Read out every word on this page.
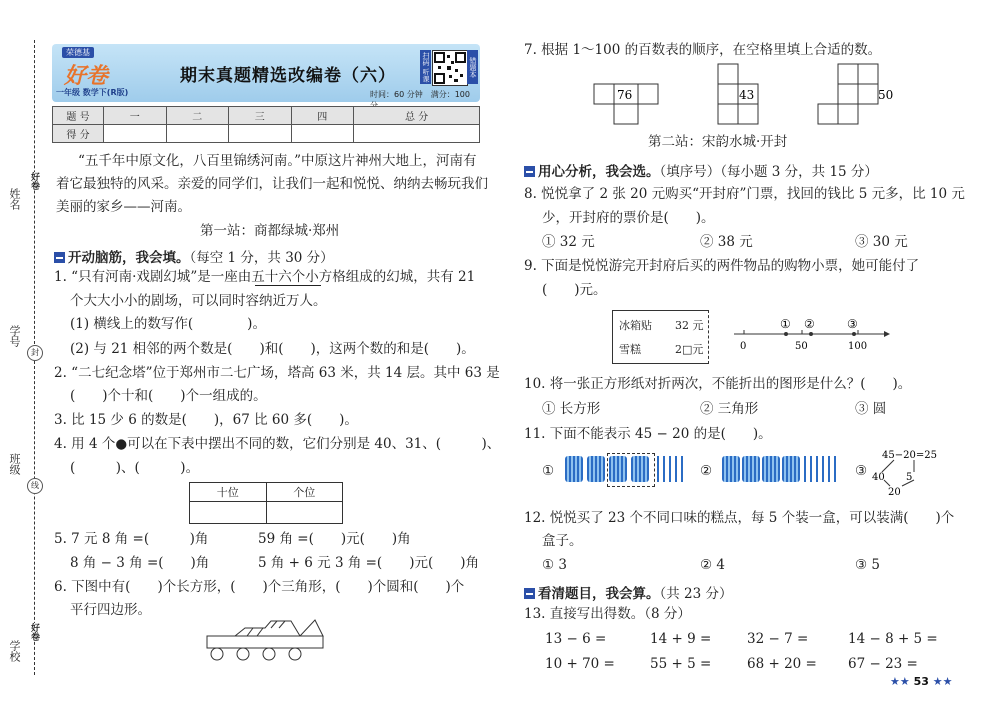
姓名
学号
班级
学校
封
线
好卷
好卷
荣德基
好卷
一年级 数学下(R版)
期末真题精选改编卷（六）	扫码 听课	错题本
时间：60 分钟　满分：100 分
题 号	一	二	三	四	总 分
得 分					
“五千年中原文化，八百里锦绣河南。”中原这片神州大地上，河南有
着它最独特的风采。亲爱的同学们，让我们一起和悦悦、纳纳去畅玩我们
美丽的家乡——河南。
第一站：商都绿城·郑州
开动脑筋，我会填。（每空 1 分，共 30 分）
1. “只有河南·戏剧幻城”是一座由五十六个小方格组成的幻城，共有 21
个大大小小的剧场，可以同时容纳近万人。
(1) 横线上的数写作(　　　　)。
(2) 与 21 相邻的两个数是(　　)和(　　)，这两个数的和是(　　)。
2. “二七纪念塔”位于郑州市二七广场，塔高 63 米，共 14 层。其中 63 是
(　　)个十和(　　)个一组成的。
3. 比 15 少 6 的数是(　　)，67 比 60 多(　　)。
4. 用 4 个●可以在下表中摆出不同的数，它们分别是 40、31、(　　　)、
(　　　)、(　　　)。
十位	个位

5. 7 元 8 角 =(　　　)角	59 角 =(　　)元(　　)角
8 角 − 3 角 =(　　)角	5 角 + 6 元 3 角 =(　　)元(　　)角
6. 下图中有(　　)个长方形，(　　)个三角形，(　　)个圆和(　　)个
平行四边形。
7. 根据 1～100 的百数表的顺序，在空格里填上合适的数。
76	43	50
第二站：宋韵水城·开封
用心分析，我会选。（填序号）（每小题 3 分，共 15 分）
8. 悦悦拿了 2 张 20 元购买“开封府”门票，找回的钱比 5 元多，比 10 元
少，开封府的票价是(　　)。
① 32 元	② 38 元	③ 30 元
9. 下面是悦悦游完开封府后买的两件物品的购物小票，她可能付了
(　　)元。
冰箱贴 32 元
雪糕	2□元	0	50	100
① ②	③
10. 将一张正方形纸对折两次，不能折出的图形是什么？(　　)。
① 长方形	② 三角形	③ 圆
11. 下面不能表示 45 − 20 的是(　　)。
①	②	③
45−20=25
40 5
20
12. 悦悦买了 23 个不同口味的糕点，每 5 个装一盒，可以装满(　　)个
盒子。
① 3	② 4	③ 5
看清题目，我会算。（共 23 分）
13. 直接写出得数。（8 分）
13 − 6 =	14 + 9 =	32 − 7 =	14 − 8 + 5 =
10 + 70 =	55 + 5 =	68 + 20 = 67 − 23 =
★★ 53 ★★
